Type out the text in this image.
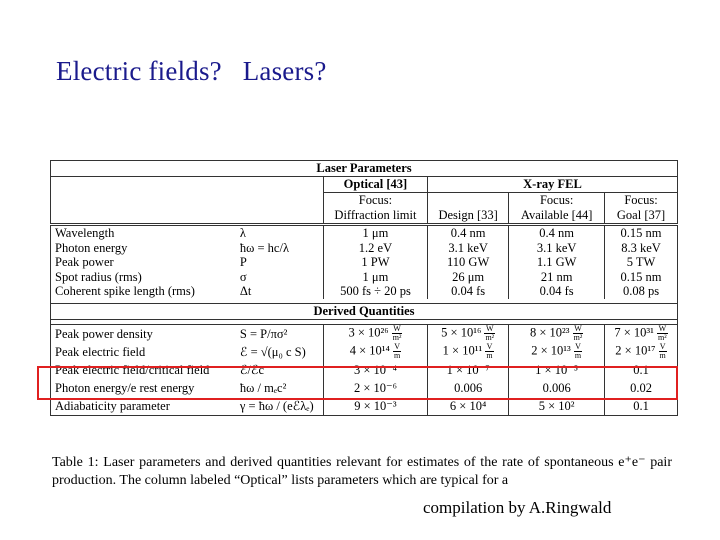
Electric fields?   Lasers?
Laser Parameters					
		Optical [43]	X-ray FEL		
		Focus:		Focus:	Focus:
		Diffraction limit	Design [33]	Available [44]	Goal [37]
Wavelength	λ	1 μm	0.4 nm	0.4 nm	0.15 nm
Photon energy	ħω = hc/λ	1.2 eV	3.1 keV	3.1 keV	8.3 keV
Peak power	P	1 PW	110 GW	1.1 GW	5 TW
Spot radius (rms)	σ	1 μm	26 μm	21 nm	0.15 nm
Coherent spike length (rms)	Δt	500 fs ÷ 20 ps	0.04 fs	0.04 fs	0.08 ps

Derived Quantities					

Peak power density	S = P/πσ²	$3 \times 10^{26} \frac{W}{\text{m²}}$	$5 \times 10^{16} \frac{W}{\text{m²}}$	$8 \times 10^{23} \frac{W}{\text{m²}}$	$7 \times 10^{31} \frac{W}{\text{m²}}$

Peak electric field	ℰ = √(μ₀ c S)	$4 \times 10^{14} \frac{V}{m}$	$1 \times 10^{11} \frac{V}{m}$	$2 \times 10^{13} \frac{V}{m}$	$2 \times 10^{17} \frac{V}{m}$

Peak electric field/critical field	ℰ/ℰc	3 × 10⁻⁴	1 × 10⁻⁷	1 × 10⁻⁵	0.1
Photon energy/e rest energy	ħω / mₑc²	2 × 10⁻⁶	0.006	0.006	0.02
Adiabaticity parameter	γ = ħω / (eℰλₑ)	9 × 10⁻³	6 × 10⁴	5 × 10²	0.1
Table 1: Laser parameters and derived quantities relevant for estimates of the rate of spontaneous e⁺e⁻ pair production. The column labeled “Optical” lists parameters which are typical for a
compilation by A.Ringwald
